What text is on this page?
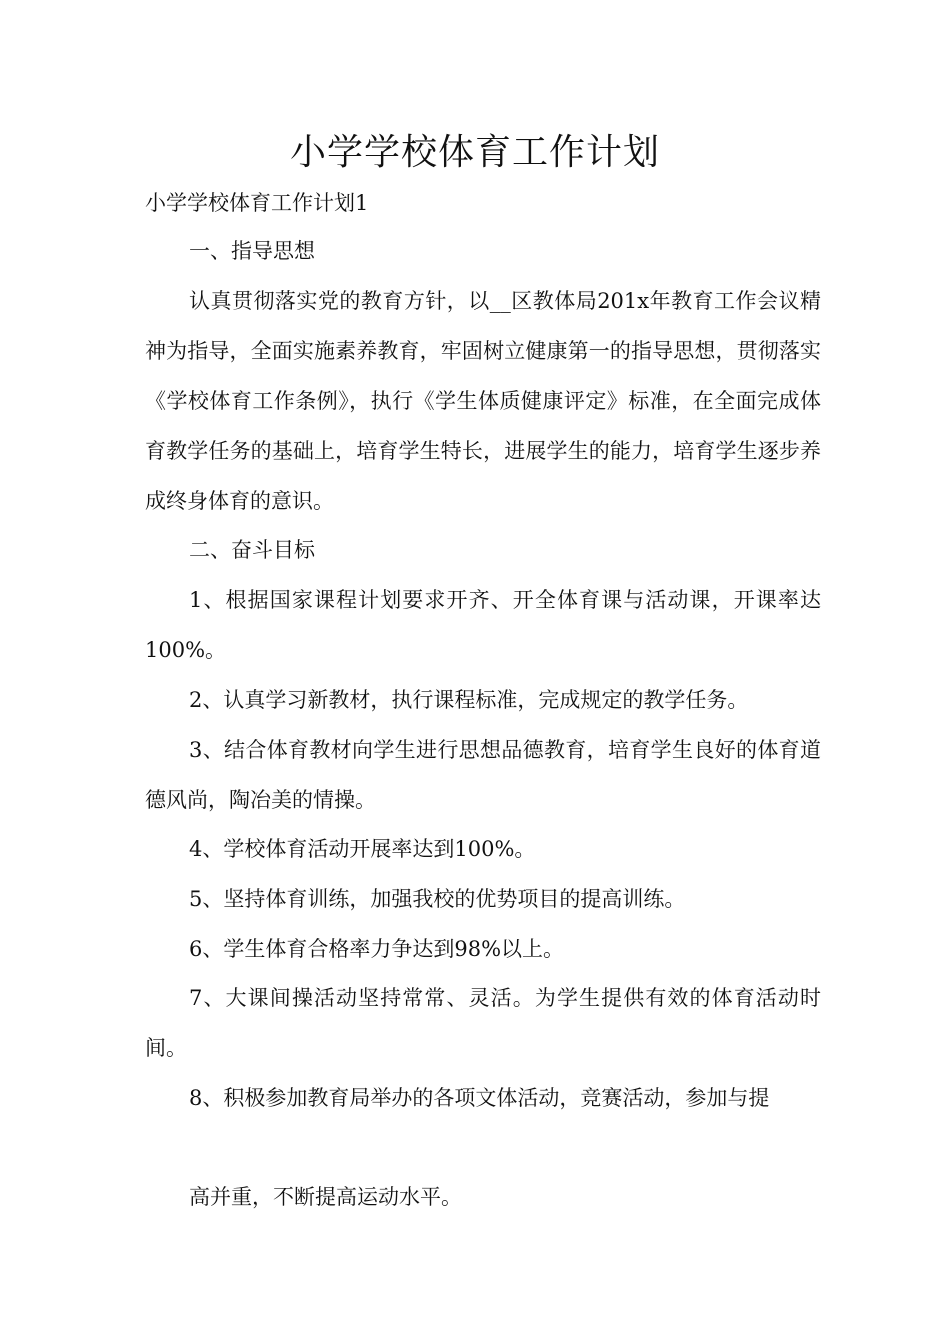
小学学校体育工作计划

小学学校体育工作计划1

一、指导思想

认真贯彻落实党的教育方针，以__区教体局201x年教育工作会议精神为指导，全面实施素养教育，牢固树立健康第一的指导思想，贯彻落实《学校体育工作条例》，执行《学生体质健康评定》标准，在全面完成体育教学任务的基础上，培育学生特长，进展学生的能力，培育学生逐步养成终身体育的意识。

二、奋斗目标

1、根据国家课程计划要求开齐、开全体育课与活动课，开课率达100%。

2、认真学习新教材，执行课程标准，完成规定的教学任务。

3、结合体育教材向学生进行思想品德教育，培育学生良好的体育道德风尚，陶冶美的情操。

4、学校体育活动开展率达到100%。

5、坚持体育训练，加强我校的优势项目的提高训练。

6、学生体育合格率力争达到98%以上。

7、大课间操活动坚持常常、灵活。为学生提供有效的体育活动时间。

8、积极参加教育局举办的各项文体活动，竞赛活动，参加与提

高并重，不断提高运动水平。
